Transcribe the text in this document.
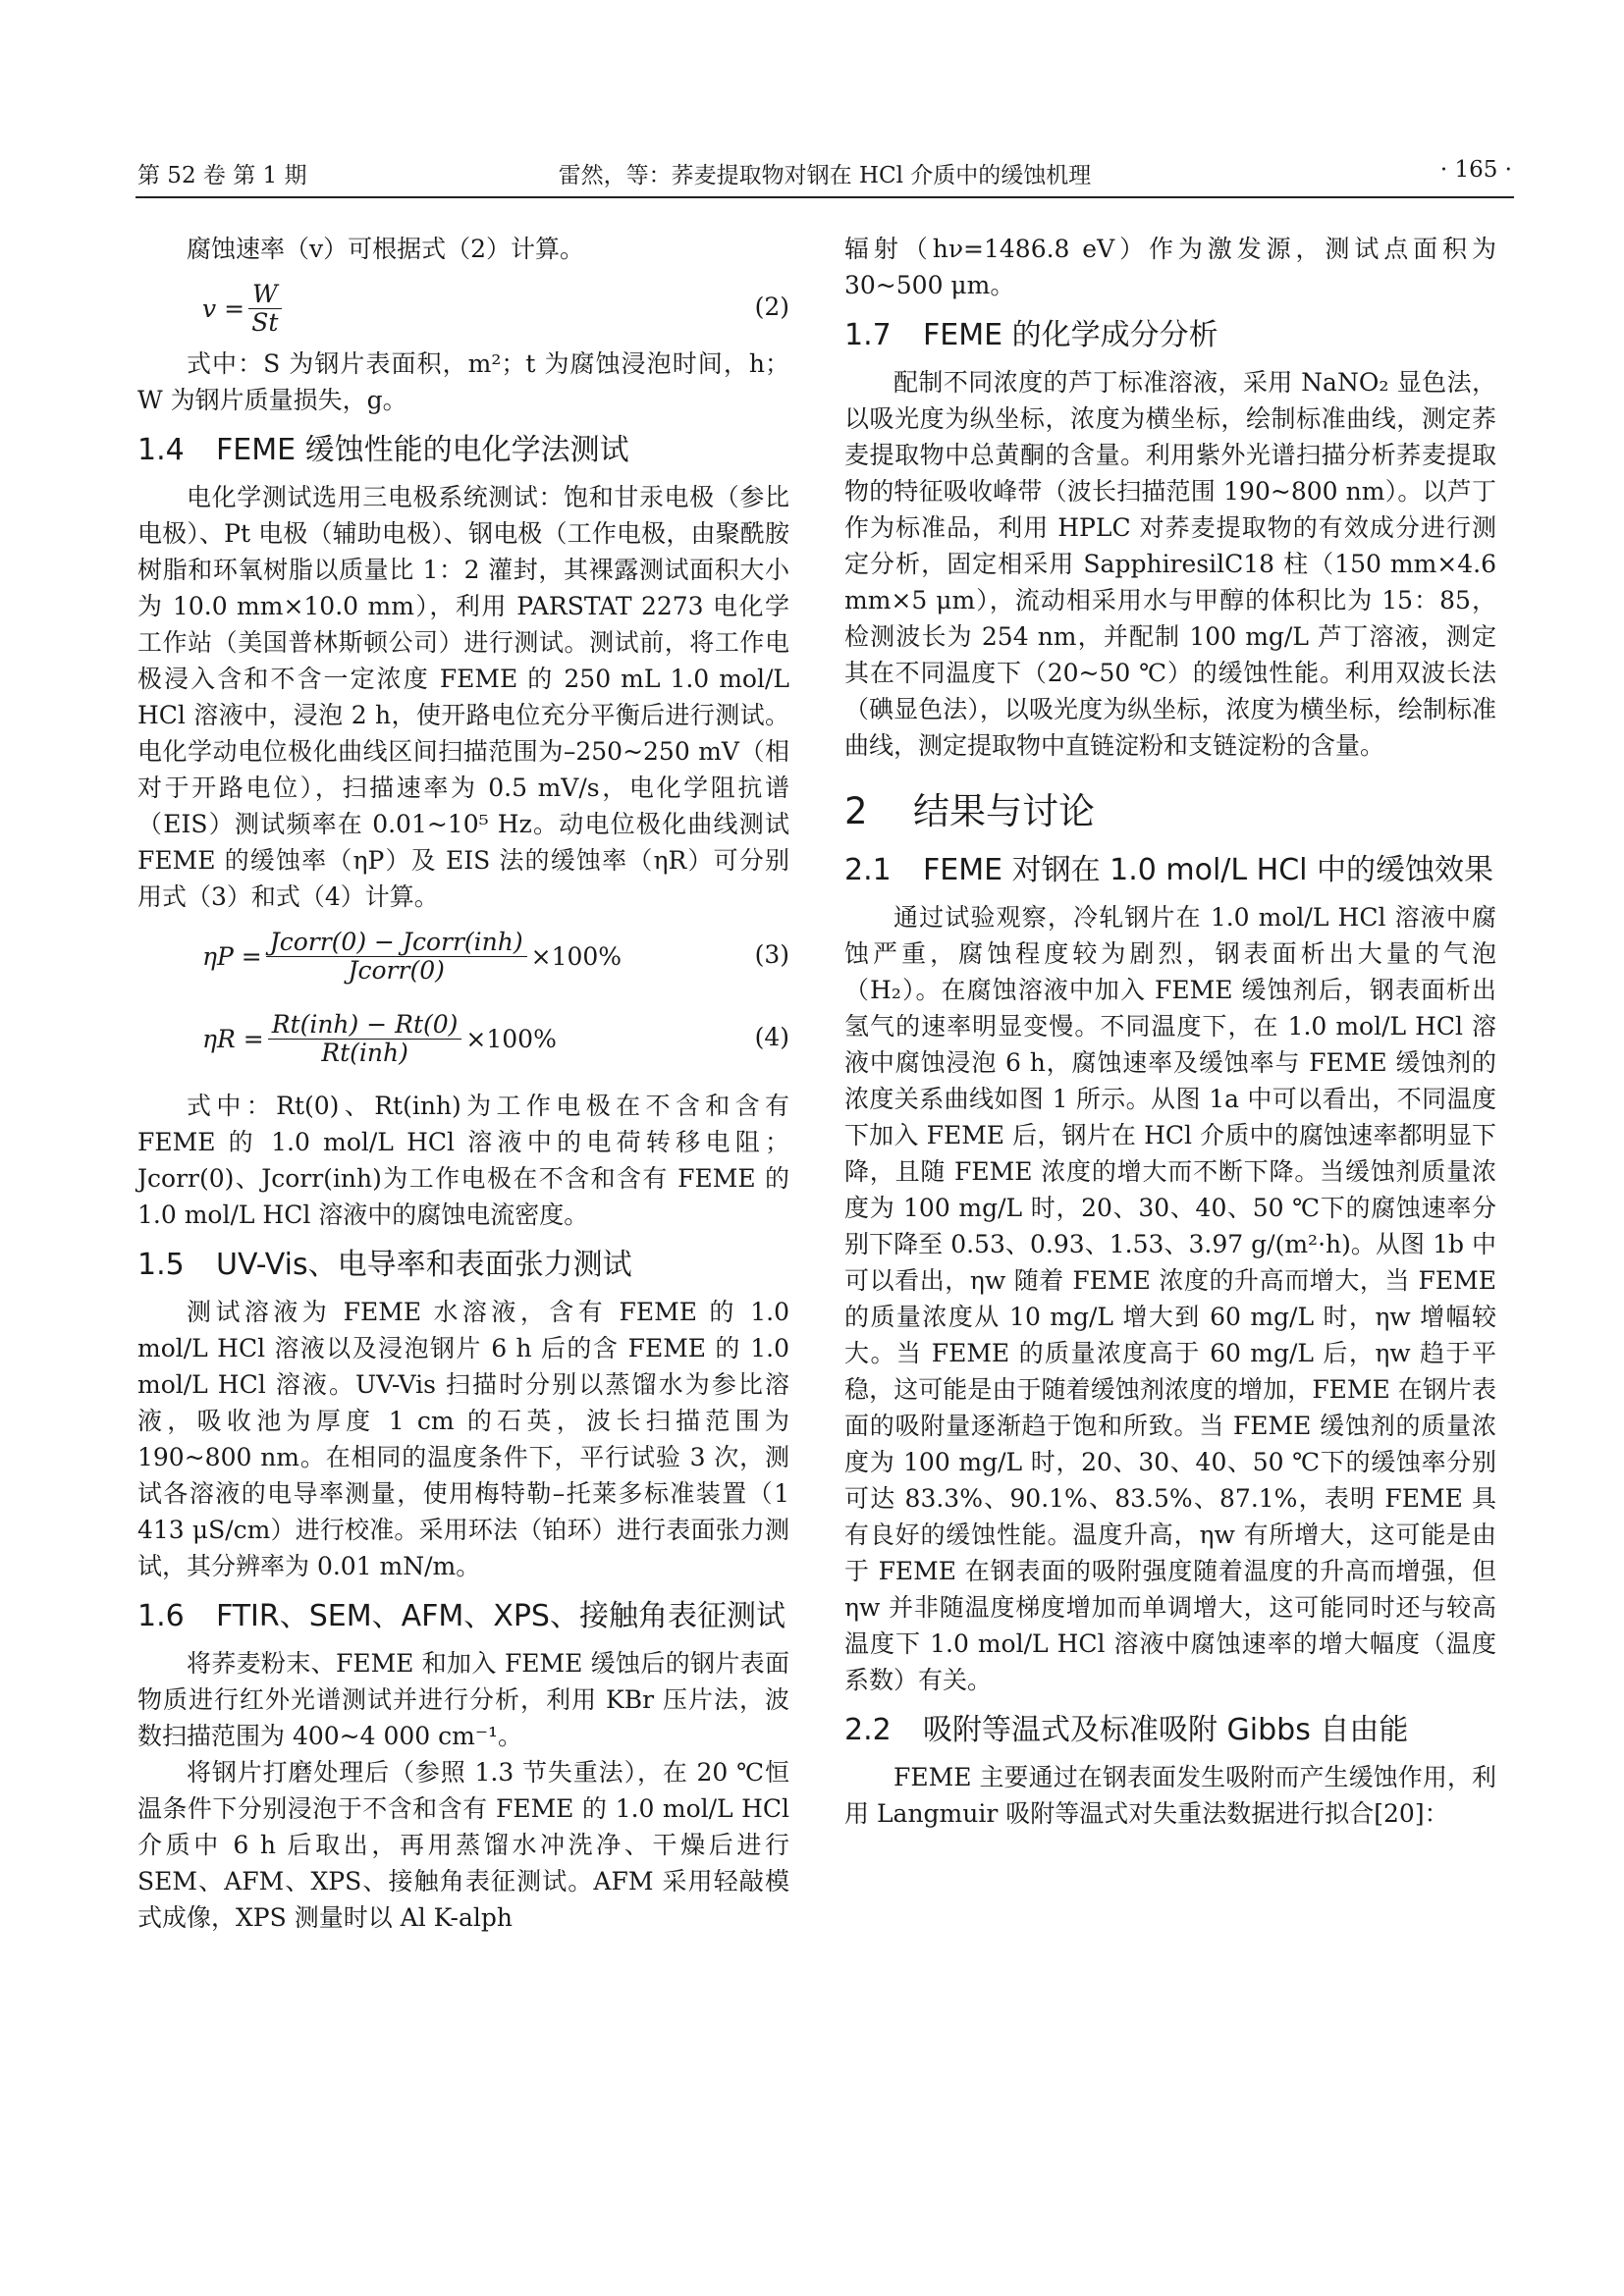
第 52 卷 第 1 期	雷然，等：荞麦提取物对钢在 HCl 介质中的缓蚀机理	· 165 ·

腐蚀速率（v）可根据式（2）计算。

$v = \frac{W}{St}$	(2)

式中：S 为钢片表面积，m²；t 为腐蚀浸泡时间，h；W 为钢片质量损失，g。

1.4	FEME 缓蚀性能的电化学法测试

电化学测试选用三电极系统测试：饱和甘汞电极（参比电极）、Pt 电极（辅助电极）、钢电极（工作电极，由聚酰胺树脂和环氧树脂以质量比 1：2 灌封，其裸露测试面积大小为 10.0 mm×10.0 mm），利用 PARSTAT 2273 电化学工作站（美国普林斯顿公司）进行测试。测试前，将工作电极浸入含和不含一定浓度 FEME 的 250 mL 1.0 mol/L HCl 溶液中，浸泡 2 h，使开路电位充分平衡后进行测试。电化学动电位极化曲线区间扫描范围为–250~250 mV（相对于开路电位），扫描速率为 0.5 mV/s，电化学阻抗谱（EIS）测试频率在 0.01~10⁵ Hz。动电位极化曲线测试 FEME 的缓蚀率（ηP）及 EIS 法的缓蚀率（ηR）可分别用式（3）和式（4）计算。

$\eta P = \frac{\text{Jcorr(0) − Jcorr(inh)}}{\text{Jcorr(0)}} \times 100\%$	(3)
$\eta R = \frac{\text{Rt(inh) − Rt(0)}}{\text{Rt(inh)}} \times 100\%$	(4)

式中：Rt(0)、Rt(inh)为工作电极在不含和含有 FEME 的 1.0 mol/L HCl 溶液中的电荷转移电阻；Jcorr(0)、Jcorr(inh)为工作电极在不含和含有 FEME 的 1.0 mol/L HCl 溶液中的腐蚀电流密度。

1.5	UV-Vis、电导率和表面张力测试

测试溶液为 FEME 水溶液，含有 FEME 的 1.0 mol/L HCl 溶液以及浸泡钢片 6 h 后的含 FEME 的 1.0 mol/L HCl 溶液。UV-Vis 扫描时分别以蒸馏水为参比溶液，吸收池为厚度 1 cm 的石英，波长扫描范围为 190~800 nm。在相同的温度条件下，平行试验 3 次，测试各溶液的电导率测量，使用梅特勒–托莱多标准装置（1 413 μS/cm）进行校准。采用环法（铂环）进行表面张力测试，其分辨率为 0.01 mN/m。

1.6	FTIR、SEM、AFM、XPS、接触角表征测试

将荞麦粉末、FEME 和加入 FEME 缓蚀后的钢片表面物质进行红外光谱测试并进行分析，利用 KBr 压片法，波数扫描范围为 400~4 000 cm⁻¹。

将钢片打磨处理后（参照 1.3 节失重法），在 20 ℃恒温条件下分别浸泡于不含和含有 FEME 的 1.0 mol/L HCl 介质中 6 h 后取出，再用蒸馏水冲洗净、干燥后进行 SEM、AFM、XPS、接触角表征测试。AFM 采用轻敲模式成像，XPS 测量时以 Al K-alph

辐射（hν=1486.8 eV）作为激发源，测试点面积为 30~500 μm。

1.7	FEME 的化学成分分析

配制不同浓度的芦丁标准溶液，采用 NaNO₂ 显色法，以吸光度为纵坐标，浓度为横坐标，绘制标准曲线，测定荞麦提取物中总黄酮的含量。利用紫外光谱扫描分析荞麦提取物的特征吸收峰带（波长扫描范围 190~800 nm）。以芦丁作为标准品，利用 HPLC 对荞麦提取物的有效成分进行测定分析，固定相采用 SapphiresilC18 柱（150 mm×4.6 mm×5 μm），流动相采用水与甲醇的体积比为 15：85，检测波长为 254 nm，并配制 100 mg/L 芦丁溶液，测定其在不同温度下（20~50 ℃）的缓蚀性能。利用双波长法（碘显色法），以吸光度为纵坐标，浓度为横坐标，绘制标准曲线，测定提取物中直链淀粉和支链淀粉的含量。

2	结果与讨论
2.1	FEME 对钢在 1.0 mol/L HCl 中的缓蚀效果

通过试验观察，冷轧钢片在 1.0 mol/L HCl 溶液中腐蚀严重，腐蚀程度较为剧烈，钢表面析出大量的气泡（H₂）。在腐蚀溶液中加入 FEME 缓蚀剂后，钢表面析出氢气的速率明显变慢。不同温度下，在 1.0 mol/L HCl 溶液中腐蚀浸泡 6 h，腐蚀速率及缓蚀率与 FEME 缓蚀剂的浓度关系曲线如图 1 所示。从图 1a 中可以看出，不同温度下加入 FEME 后，钢片在 HCl 介质中的腐蚀速率都明显下降，且随 FEME 浓度的增大而不断下降。当缓蚀剂质量浓度为 100 mg/L 时，20、30、40、50 ℃下的腐蚀速率分别下降至 0.53、0.93、1.53、3.97 g/(m²·h)。从图 1b 中可以看出，ηw 随着 FEME 浓度的升高而增大，当 FEME 的质量浓度从 10 mg/L 增大到 60 mg/L 时，ηw 增幅较大。当 FEME 的质量浓度高于 60 mg/L 后，ηw 趋于平稳，这可能是由于随着缓蚀剂浓度的增加，FEME 在钢片表面的吸附量逐渐趋于饱和所致。当 FEME 缓蚀剂的质量浓度为 100 mg/L 时，20、30、40、50 ℃下的缓蚀率分别可达 83.3%、90.1%、83.5%、87.1%，表明 FEME 具有良好的缓蚀性能。温度升高，ηw 有所增大，这可能是由于 FEME 在钢表面的吸附强度随着温度的升高而增强，但 ηw 并非随温度梯度增加而单调增大，这可能同时还与较高温度下 1.0 mol/L HCl 溶液中腐蚀速率的增大幅度（温度系数）有关。

2.2	吸附等温式及标准吸附 Gibbs 自由能

FEME 主要通过在钢表面发生吸附而产生缓蚀作用，利用 Langmuir 吸附等温式对失重法数据进行拟合[20]：
